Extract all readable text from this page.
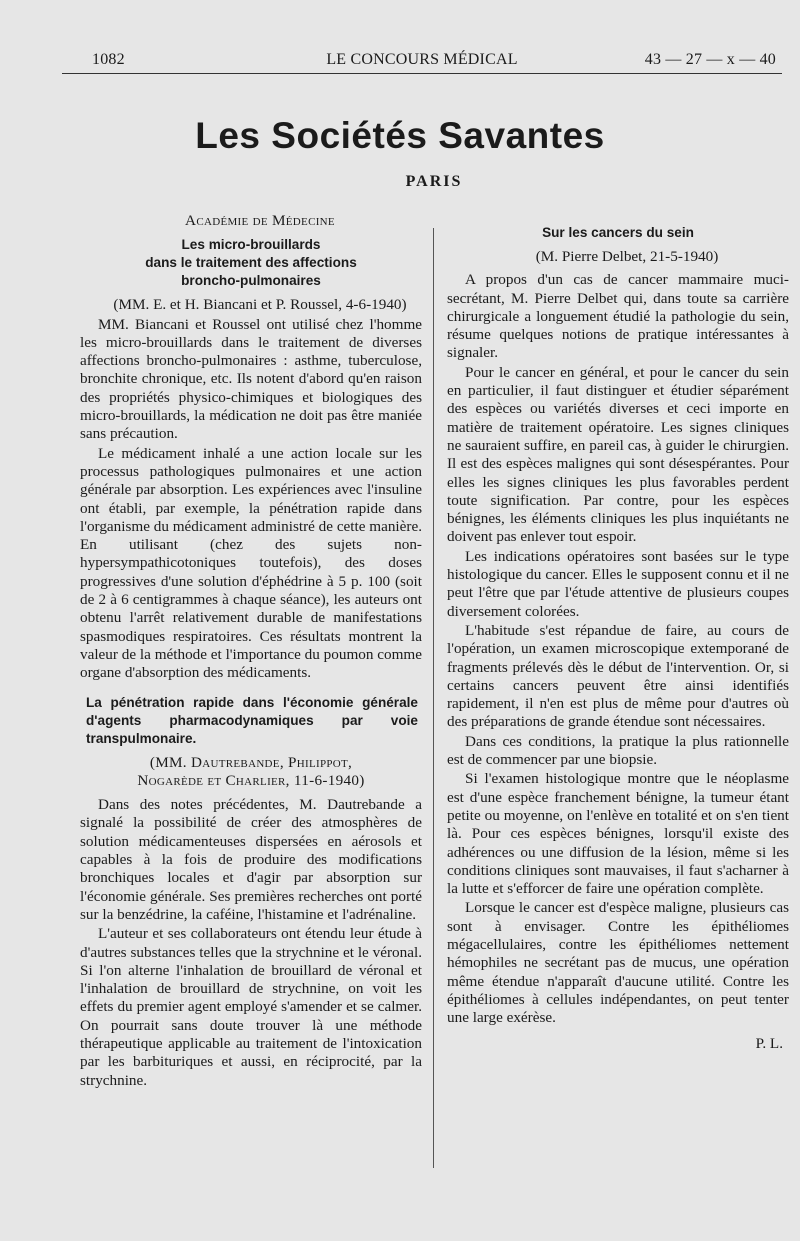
1082	LE CONCOURS MÉDICAL	43 — 27 — x — 40
Les Sociétés Savantes
PARIS

Académie de Médecine

Les micro-brouillards
dans le traitement des affections
broncho-pulmonaires

(MM. E. et H. Biancani et P. Roussel, 4-6-1940)

MM. Biancani et Roussel ont utilisé chez l'homme les micro-brouillards dans le traitement de diverses affections broncho-pulmonaires : asthme, tuberculose, bronchite chronique, etc. Ils notent d'abord qu'en raison des propriétés physico-chimiques et biologiques des micro-brouillards, la médication ne doit pas être maniée sans précaution.

Le médicament inhalé a une action locale sur les processus pathologiques pulmonaires et une action générale par absorption. Les expériences avec l'insuline ont établi, par exemple, la pénétration rapide dans l'organisme du médicament administré de cette manière. En utilisant (chez des sujets non-hypersympathicotoniques toutefois), des doses progressives d'une solution d'éphédrine à 5 p. 100 (soit de 2 à 6 centigrammes à chaque séance), les auteurs ont obtenu l'arrêt relativement durable de manifestations spasmodiques respiratoires. Ces résultats montrent la valeur de la méthode et l'importance du poumon comme organe d'absorption des médicaments.

La pénétration rapide dans l'économie générale d'agents pharmacodynamiques par voie transpulmonaire.
(MM. Dautrebande, Philippot,
Nogarède et Charlier, 11-6-1940)

Dans des notes précédentes, M. Dautrebande a signalé la possibilité de créer des atmosphères de solution médicamenteuses dispersées en aérosols et capables à la fois de produire des modifications bronchiques locales et d'agir par absorption sur l'économie générale. Ses premières recherches ont porté sur la benzédrine, la caféine, l'histamine et l'adrénaline.

L'auteur et ses collaborateurs ont étendu leur étude à d'autres substances telles que la strychnine et le véronal. Si l'on alterne l'inhalation de brouillard de véronal et l'inhalation de brouillard de strychnine, on voit les effets du premier agent employé s'amender et se calmer. On pourrait sans doute trouver là une méthode thérapeutique applicable au traitement de l'intoxication par les barbituriques et aussi, en réciprocité, par la strychnine.

Sur les cancers du sein

(M. Pierre Delbet, 21-5-1940)

A propos d'un cas de cancer mammaire muci-secrétant, M. Pierre Delbet qui, dans toute sa carrière chirurgicale a longuement étudié la pathologie du sein, résume quelques notions de pratique intéressantes à signaler.

Pour le cancer en général, et pour le cancer du sein en particulier, il faut distinguer et étudier séparément des espèces ou variétés diverses et ceci importe en matière de traitement opératoire. Les signes cliniques ne sauraient suffire, en pareil cas, à guider le chirurgien. Il est des espèces malignes qui sont désespérantes. Pour elles les signes cliniques les plus favorables perdent toute signification. Par contre, pour les espèces bénignes, les éléments cliniques les plus inquiétants ne doivent pas enlever tout espoir.

Les indications opératoires sont basées sur le type histologique du cancer. Elles le supposent connu et il ne peut l'être que par l'étude attentive de plusieurs coupes diversement colorées.

L'habitude s'est répandue de faire, au cours de l'opération, un examen microscopique extemporané de fragments prélevés dès le début de l'intervention. Or, si certains cancers peuvent être ainsi identifiés rapidement, il n'en est plus de même pour d'autres où des préparations de grande étendue sont nécessaires.

Dans ces conditions, la pratique la plus rationnelle est de commencer par une biopsie.

Si l'examen histologique montre que le néoplasme est d'une espèce franchement bénigne, la tumeur étant petite ou moyenne, on l'enlève en totalité et on s'en tient là. Pour ces espèces bénignes, lorsqu'il existe des adhérences ou une diffusion de la lésion, même si les conditions cliniques sont mauvaises, il faut s'acharner à la lutte et s'efforcer de faire une opération complète.

Lorsque le cancer est d'espèce maligne, plusieurs cas sont à envisager. Contre les épithéliomes mégacellulaires, contre les épithéliomes nettement hémophiles ne secrétant pas de mucus, une opération même étendue n'apparaît d'aucune utilité. Contre les épithéliomes à cellules indépendantes, on peut tenter une large exérèse.

P. L.
